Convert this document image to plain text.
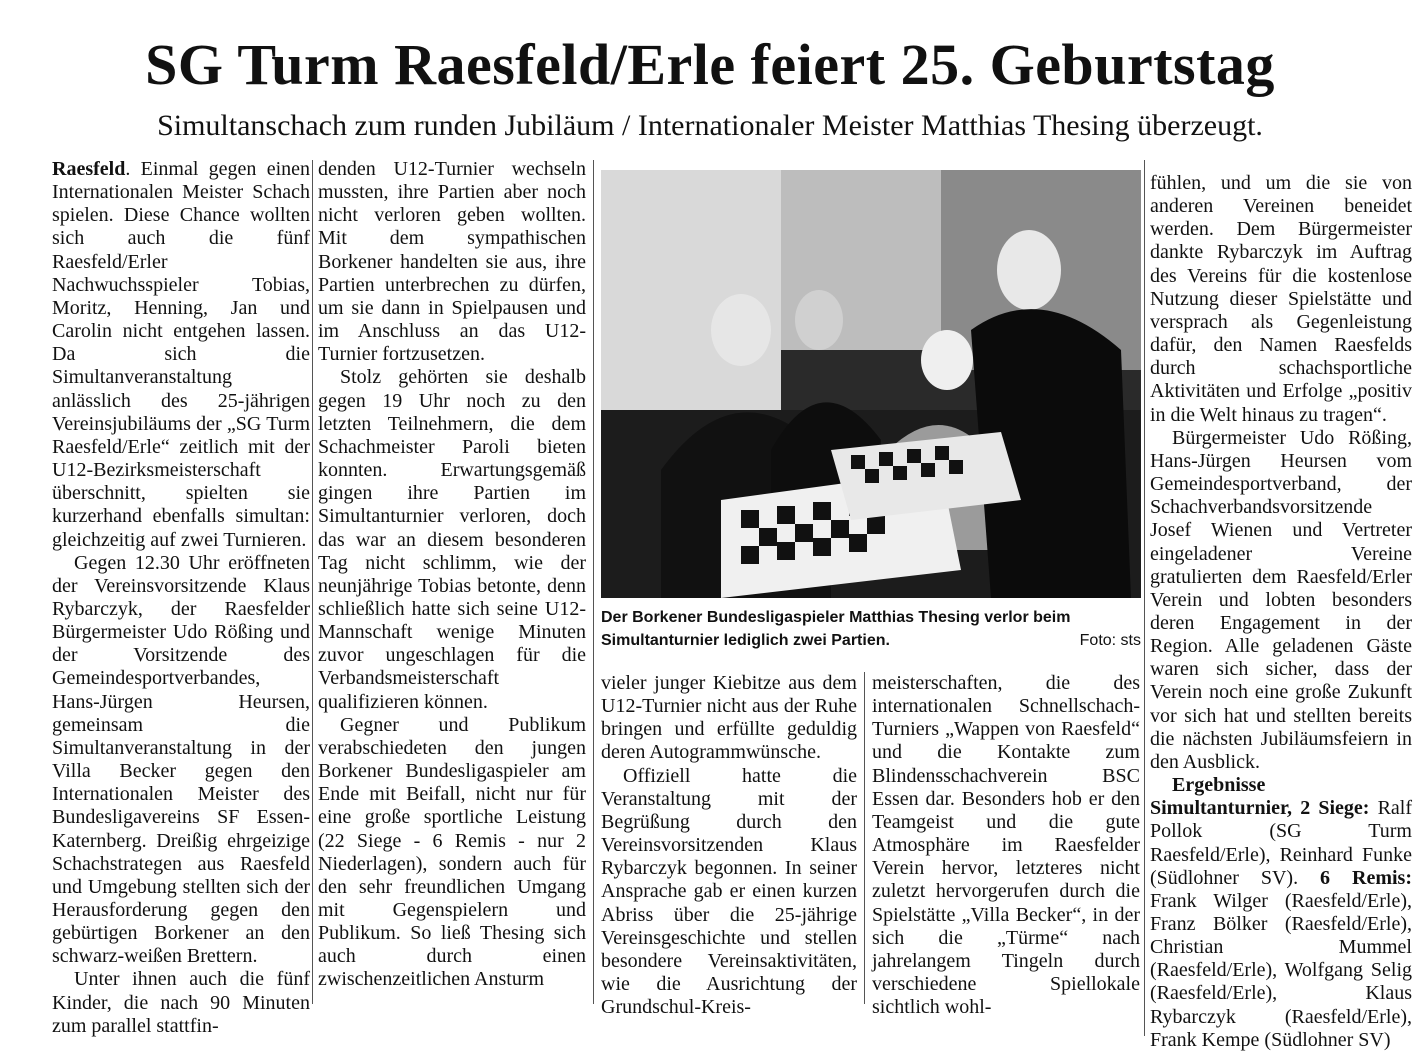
SG Turm Raesfeld/Erle feiert 25. Geburtstag
Simultanschach zum runden Jubiläum / Internationaler Meister Matthias Thesing überzeugt.

Raesfeld. Einmal gegen einen Internationalen Meister Schach spielen. Diese Chance wollten sich auch die fünf Raesfeld/Erler Nachwuchsspieler Tobias, Moritz, Henning, Jan und Carolin nicht entgehen lassen. Da sich die Simultanveranstaltung anlässlich des 25-jährigen Vereinsjubiläums der „SG Turm Raesfeld/Erle“ zeitlich mit der U12-Bezirksmeisterschaft überschnitt, spielten sie kurzerhand ebenfalls simultan: gleichzeitig auf zwei Turnieren.

Gegen 12.30 Uhr eröffneten der Vereinsvorsitzende Klaus Rybarczyk, der Raesfelder Bürgermeister Udo Rößing und der Vorsitzende des Gemeindesportverbandes, Hans-Jürgen Heursen, gemeinsam die Simultanveranstaltung in der Villa Becker gegen den Internationalen Meister des Bundesligavereins SF Essen-Katernberg. Dreißig ehrgeizige Schachstrategen aus Raesfeld und Umgebung stellten sich der Herausforderung gegen den gebürtigen Borkener an den schwarz-weißen Brettern.

Unter ihnen auch die fünf Kinder, die nach 90 Minuten zum parallel stattfin-

denden U12-Turnier wechseln mussten, ihre Partien aber noch nicht verloren geben wollten. Mit dem sympathischen Borkener handelten sie aus, ihre Partien unterbrechen zu dürfen, um sie dann in Spielpausen und im Anschluss an das U12-Turnier fortzusetzen.

Stolz gehörten sie deshalb gegen 19 Uhr noch zu den letzten Teilnehmern, die dem Schachmeister Paroli bieten konnten. Erwartungsgemäß gingen ihre Partien im Simultanturnier verloren, doch das war an diesem besonderen Tag nicht schlimm, wie der neunjährige Tobias betonte, denn schließlich hatte sich seine U12-Mannschaft wenige Minuten zuvor ungeschlagen für die Verbandsmeisterschaft qualifizieren können.

Gegner und Publikum verabschiedeten den jungen Borkener Bundesligaspieler am Ende mit Beifall, nicht nur für eine große sportliche Leistung (22 Siege - 6 Remis - nur 2 Niederlagen), sondern auch für den sehr freundlichen Umgang mit Gegenspielern und Publikum. So ließ Thesing sich auch durch einen zwischenzeitlichen Ansturm

Der Borkener Bundesligaspieler Matthias Thesing verlor beim Simultanturnier lediglich zwei Partien.	Foto: sts

vieler junger Kiebitze aus dem U12-Turnier nicht aus der Ruhe bringen und erfüllte geduldig deren Autogrammwünsche.

Offiziell hatte die Veranstaltung mit der Begrüßung durch den Vereinsvorsitzenden Klaus Rybarczyk begonnen. In seiner Ansprache gab er einen kurzen Abriss über die 25-jährige Vereinsgeschichte und stellen besondere Vereinsaktivitäten, wie die Ausrichtung der Grundschul-Kreis-

meisterschaften, die des internationalen Schnellschach-Turniers „Wappen von Raesfeld“ und die Kontakte zum Blindensschachverein BSC Essen dar. Besonders hob er den Teamgeist und die gute Atmosphäre im Raesfelder Verein hervor, letzteres nicht zuletzt hervorgerufen durch die Spielstätte „Villa Becker“, in der sich die „Türme“ nach jahrelangem Tingeln durch verschiedene Spiellokale sichtlich wohl-

fühlen, und um die sie von anderen Vereinen beneidet werden. Dem Bürgermeister dankte Rybarczyk im Auftrag des Vereins für die kostenlose Nutzung dieser Spielstätte und versprach als Gegenleistung dafür, den Namen Raesfelds durch schachsportliche Aktivitäten und Erfolge „positiv in die Welt hinaus zu tragen“.

Bürgermeister Udo Rößing, Hans-Jürgen Heursen vom Gemeindesportverband, der Schachverbandsvorsitzende Josef Wienen und Vertreter eingeladener Vereine gratulierten dem Raesfeld/Erler Verein und lobten besonders deren Engagement in der Region. Alle geladenen Gäste waren sich sicher, dass der Verein noch eine große Zukunft vor sich hat und stellten bereits die nächsten Jubiläumsfeiern in den Ausblick.

Ergebnisse Simultanturnier, 2 Siege: Ralf Pollok (SG Turm Raesfeld/Erle), Reinhard Funke (Südlohner SV). 6 Remis: Frank Wilger (Raesfeld/Erle), Franz Bölker (Raesfeld/Erle), Christian Mummel (Raesfeld/Erle), Wolfgang Selig (Raesfeld/Erle), Klaus Rybarczyk (Raesfeld/Erle), Frank Kempe (Südlohner SV)
